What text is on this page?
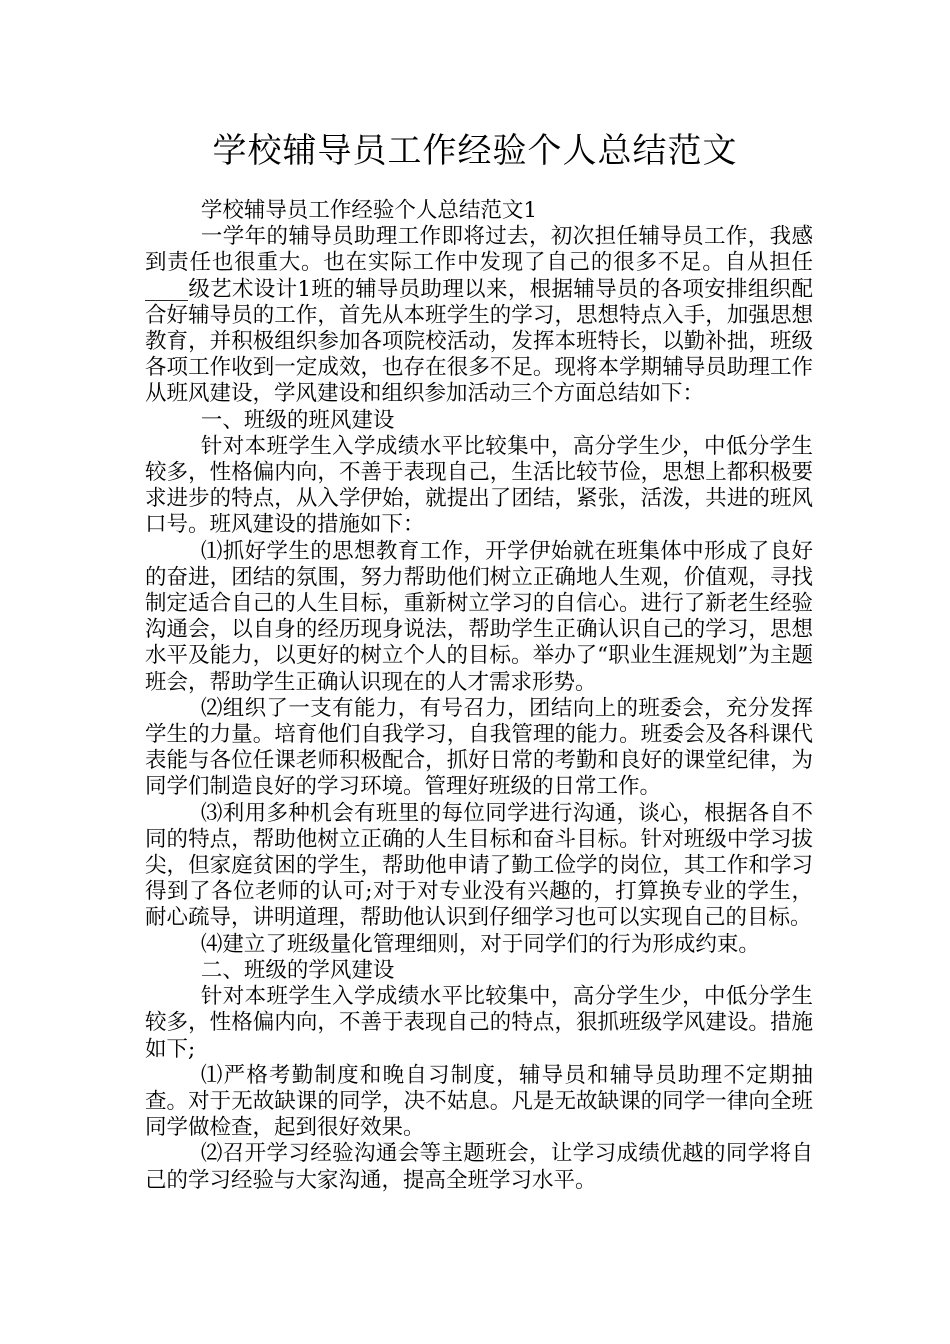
学校辅导员工作经验个人总结范文

学校辅导员工作经验个人总结范文1

一学年的辅导员助理工作即将过去，初次担任辅导员工作，我感到责任也很重大。也在实际工作中发现了自己的很多不足。自从担任____级艺术设计1班的辅导员助理以来，根据辅导员的各项安排组织配合好辅导员的工作，首先从本班学生的学习，思想特点入手，加强思想教育，并积极组织参加各项院校活动，发挥本班特长，以勤补拙，班级各项工作收到一定成效，也存在很多不足。现将本学期辅导员助理工作从班风建设，学风建设和组织参加活动三个方面总结如下：

一、班级的班风建设

针对本班学生入学成绩水平比较集中，高分学生少，中低分学生较多，性格偏内向，不善于表现自己，生活比较节俭，思想上都积极要求进步的特点，从入学伊始，就提出了团结，紧张，活泼，共进的班风口号。班风建设的措施如下：

⑴抓好学生的思想教育工作，开学伊始就在班集体中形成了良好的奋进，团结的氛围，努力帮助他们树立正确地人生观，价值观，寻找制定适合自己的人生目标，重新树立学习的自信心。进行了新老生经验沟通会，以自身的经历现身说法，帮助学生正确认识自己的学习，思想水平及能力，以更好的树立个人的目标。举办了“职业生涯规划”为主题班会，帮助学生正确认识现在的人才需求形势。

⑵组织了一支有能力，有号召力，团结向上的班委会，充分发挥学生的力量。培育他们自我学习，自我管理的能力。班委会及各科课代表能与各位任课老师积极配合，抓好日常的考勤和良好的课堂纪律，为同学们制造良好的学习环境。管理好班级的日常工作。

⑶利用多种机会有班里的每位同学进行沟通，谈心，根据各自不同的特点，帮助他树立正确的人生目标和奋斗目标。针对班级中学习拔尖，但家庭贫困的学生，帮助他申请了勤工俭学的岗位，其工作和学习得到了各位老师的认可;对于对专业没有兴趣的，打算换专业的学生，耐心疏导，讲明道理，帮助他认识到仔细学习也可以实现自己的目标。

⑷建立了班级量化管理细则，对于同学们的行为形成约束。

二、班级的学风建设

针对本班学生入学成绩水平比较集中，高分学生少，中低分学生较多，性格偏内向，不善于表现自己的特点，狠抓班级学风建设。措施如下;

⑴严格考勤制度和晚自习制度，辅导员和辅导员助理不定期抽查。对于无故缺课的同学，决不姑息。凡是无故缺课的同学一律向全班同学做检查，起到很好效果。

⑵召开学习经验沟通会等主题班会，让学习成绩优越的同学将自己的学习经验与大家沟通，提高全班学习水平。
